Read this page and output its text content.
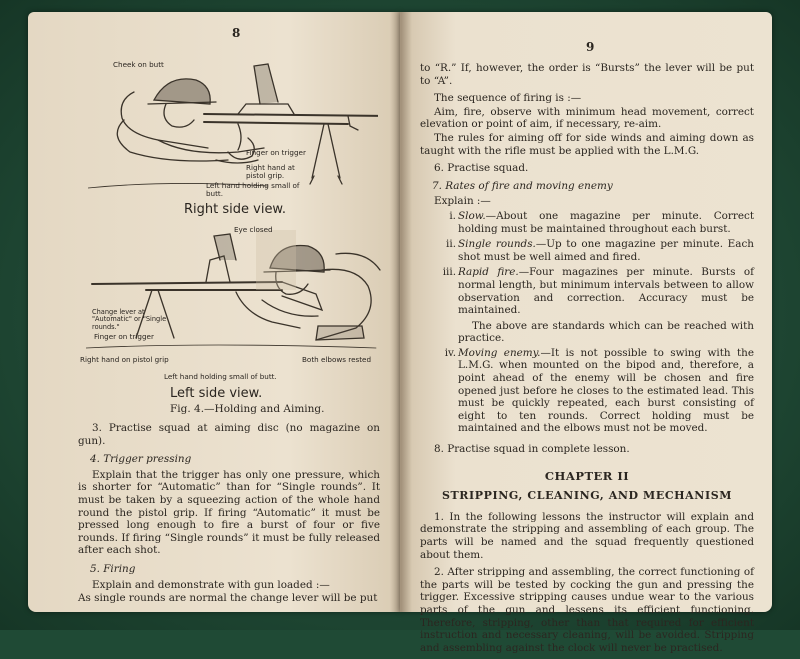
8
Cheek on butt
Finger on trigger
Right hand at pistol grip.
Left hand holding small of butt.
Right side view.
Eye closed
Change lever at "Automatic" or "Single rounds."
Finger on trigger
Right hand on pistol grip
Left hand holding small of butt.
Both elbows rested
Left side view.
Fig. 4.—Holding and Aiming.

3. Practise squad at aiming disc (no magazine on gun).

4. Trigger pressing

Explain that the trigger has only one pressure, which is shorter for “Automatic” than for “Single rounds”. It must be taken by a squeezing action of the whole hand round the pistol grip. If firing “Automatic” it must be pressed long enough to fire a burst of four or five rounds. If firing “Single rounds” it must be fully released after each shot.

5. Firing

Explain and demonstrate with gun loaded :—

As single rounds are normal the change lever will be put

9

to “R.” If, however, the order is “Bursts” the lever will be put to “A”.

The sequence of firing is :—

Aim, fire, observe with minimum head movement, correct elevation or point of aim, if necessary, re-aim.

The rules for aiming off for side winds and aiming down as taught with the rifle must be applied with the L.M.G.

6. Practise squad.

7. Rates of fire and moving enemy

Explain :—

i. Slow.—About one magazine per minute. Correct holding must be maintained throughout each burst.
ii. Single rounds.—Up to one magazine per minute. Each shot must be well aimed and fired.
iii. Rapid fire.—Four magazines per minute. Bursts of normal length, but minimum intervals between to allow observation and correction. Accuracy must be maintained.

The above are standards which can be reached with practice.

iv. Moving enemy.—It is not possible to swing with the L.M.G. when mounted on the bipod and, therefore, a point ahead of the enemy will be chosen and fire opened just before he closes to the estimated lead. This must be quickly repeated, each burst consisting of eight to ten rounds. Correct holding must be maintained and the elbows must not be moved.

8. Practise squad in complete lesson.

CHAPTER II
STRIPPING, CLEANING, AND MECHANISM

1. In the following lessons the instructor will explain and demonstrate the stripping and assembling of each group. The parts will be named and the squad frequently questioned about them.

2. After stripping and assembling, the correct functioning of the parts will be tested by cocking the gun and pressing the trigger. Excessive stripping causes undue wear to the various parts of the gun and lessens its efficient functioning. Therefore, stripping, other than that required for efficient instruction and necessary cleaning, will be avoided. Stripping and assembling against the clock will never be practised.
